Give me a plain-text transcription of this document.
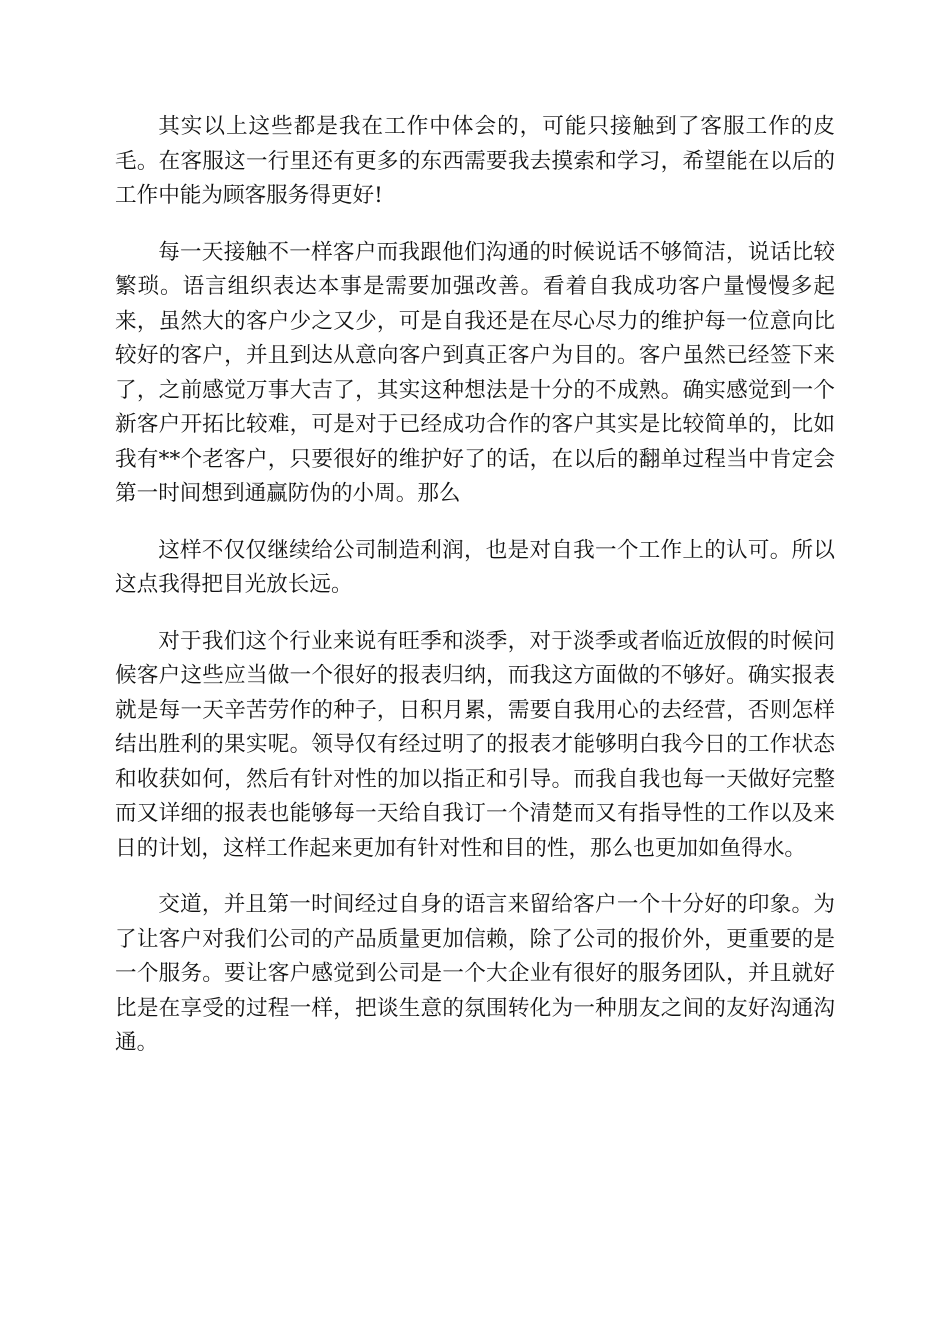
其实以上这些都是我在工作中体会的，可能只接触到了客服工作的皮毛。在客服这一行里还有更多的东西需要我去摸索和学习，希望能在以后的工作中能为顾客服务得更好!

每一天接触不一样客户而我跟他们沟通的时候说话不够简洁，说话比较繁琐。语言组织表达本事是需要加强改善。看着自我成功客户量慢慢多起来，虽然大的客户少之又少，可是自我还是在尽心尽力的维护每一位意向比较好的客户，并且到达从意向客户到真正客户为目的。客户虽然已经签下来了，之前感觉万事大吉了，其实这种想法是十分的不成熟。确实感觉到一个新客户开拓比较难，可是对于已经成功合作的客户其实是比较简单的，比如我有**个老客户，只要很好的维护好了的话，在以后的翻单过程当中肯定会第一时间想到通赢防伪的小周。那么

这样不仅仅继续给公司制造利润，也是对自我一个工作上的认可。所以这点我得把目光放长远。

对于我们这个行业来说有旺季和淡季，对于淡季或者临近放假的时候问候客户这些应当做一个很好的报表归纳，而我这方面做的不够好。确实报表就是每一天辛苦劳作的种子，日积月累，需要自我用心的去经营，否则怎样结出胜利的果实呢。领导仅有经过明了的报表才能够明白我今日的工作状态和收获如何，然后有针对性的加以指正和引导。而我自我也每一天做好完整而又详细的报表也能够每一天给自我订一个清楚而又有指导性的工作以及来日的计划，这样工作起来更加有针对性和目的性，那么也更加如鱼得水。

交道，并且第一时间经过自身的语言来留给客户一个十分好的印象。为了让客户对我们公司的产品质量更加信赖，除了公司的报价外，更重要的是一个服务。要让客户感觉到公司是一个大企业有很好的服务团队，并且就好比是在享受的过程一样，把谈生意的氛围转化为一种朋友之间的友好沟通沟通。
